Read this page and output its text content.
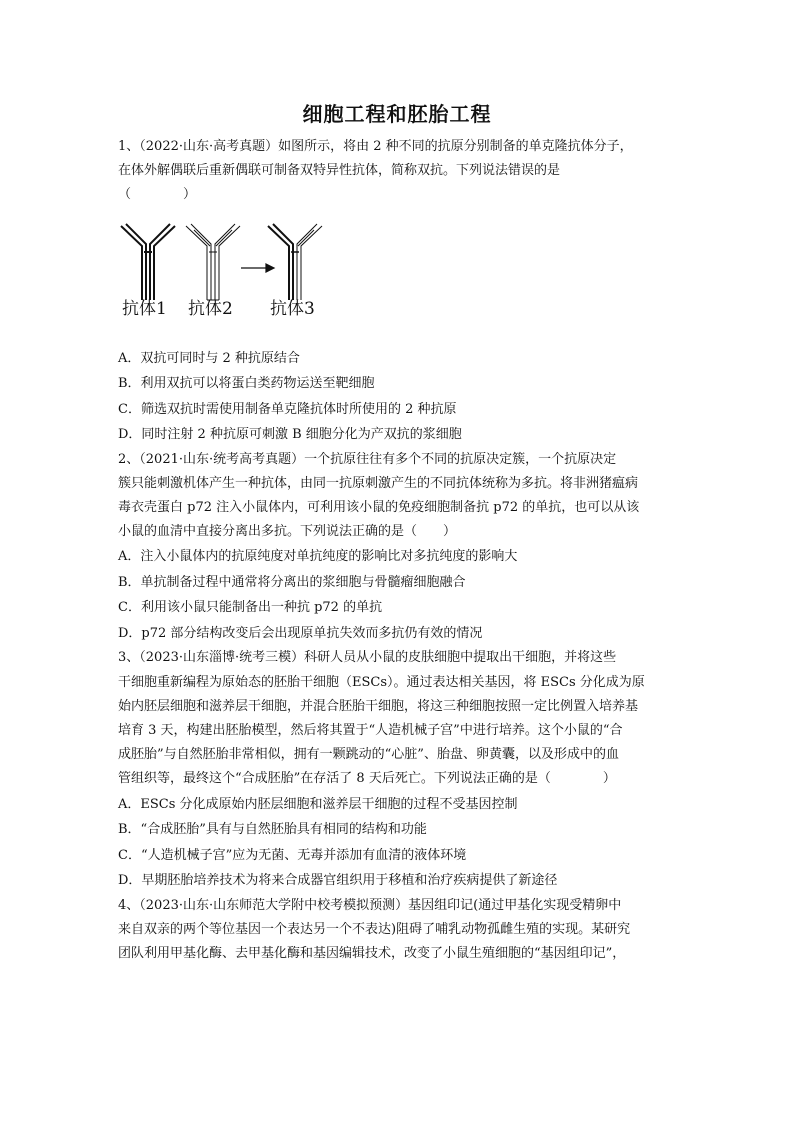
细胞工程和胚胎工程
1、（2022·山东·高考真题）如图所示，将由 2 种不同的抗原分别制备的单克隆抗体分子，
在体外解偶联后重新偶联可制备双特异性抗体，简称双抗。下列说法错误的是
（　　　　）
抗体1 抗体2 抗体3
A．双抗可同时与 2 种抗原结合
B．利用双抗可以将蛋白类药物运送至靶细胞
C．筛选双抗时需使用制备单克隆抗体时所使用的 2 种抗原
D．同时注射 2 种抗原可刺激 B 细胞分化为产双抗的浆细胞
2、（2021·山东·统考高考真题）一个抗原往往有多个不同的抗原决定簇，一个抗原决定
簇只能刺激机体产生一种抗体，由同一抗原刺激产生的不同抗体统称为多抗。将非洲猪瘟病
毒衣壳蛋白 p72 注入小鼠体内，可利用该小鼠的免疫细胞制备抗 p72 的单抗，也可以从该
小鼠的血清中直接分离出多抗。下列说法正确的是（　　）
A．注入小鼠体内的抗原纯度对单抗纯度的影响比对多抗纯度的影响大
B．单抗制备过程中通常将分离出的浆细胞与骨髓瘤细胞融合
C．利用该小鼠只能制备出一种抗 p72 的单抗
D．p72 部分结构改变后会出现原单抗失效而多抗仍有效的情况
3、（2023·山东淄博·统考三模）科研人员从小鼠的皮肤细胞中提取出干细胞，并将这些
干细胞重新编程为原始态的胚胎干细胞（ESCs）。通过表达相关基因，将 ESCs 分化成为原
始内胚层细胞和滋养层干细胞，并混合胚胎干细胞，将这三种细胞按照一定比例置入培养基
培育 3 天，构建出胚胎模型，然后将其置于“人造机械子宫”中进行培养。这个小鼠的“合
成胚胎”与自然胚胎非常相似，拥有一颗跳动的“心脏”、胎盘、卵黄囊，以及形成中的血
管组织等，最终这个“合成胚胎”在存活了 8 天后死亡。下列说法正确的是（　　　　）
A．ESCs 分化成原始内胚层细胞和滋养层干细胞的过程不受基因控制
B．“合成胚胎”具有与自然胚胎具有相同的结构和功能
C．“人造机械子宫”应为无菌、无毒并添加有血清的液体环境
D．早期胚胎培养技术为将来合成器官组织用于移植和治疗疾病提供了新途径
4、（2023·山东·山东师范大学附中校考模拟预测）基因组印记(通过甲基化实现受精卵中
来自双亲的两个等位基因一个表达另一个不表达)阻碍了哺乳动物孤雌生殖的实现。某研究
团队利用甲基化酶、去甲基化酶和基因编辑技术，改变了小鼠生殖细胞的“基因组印记”，
